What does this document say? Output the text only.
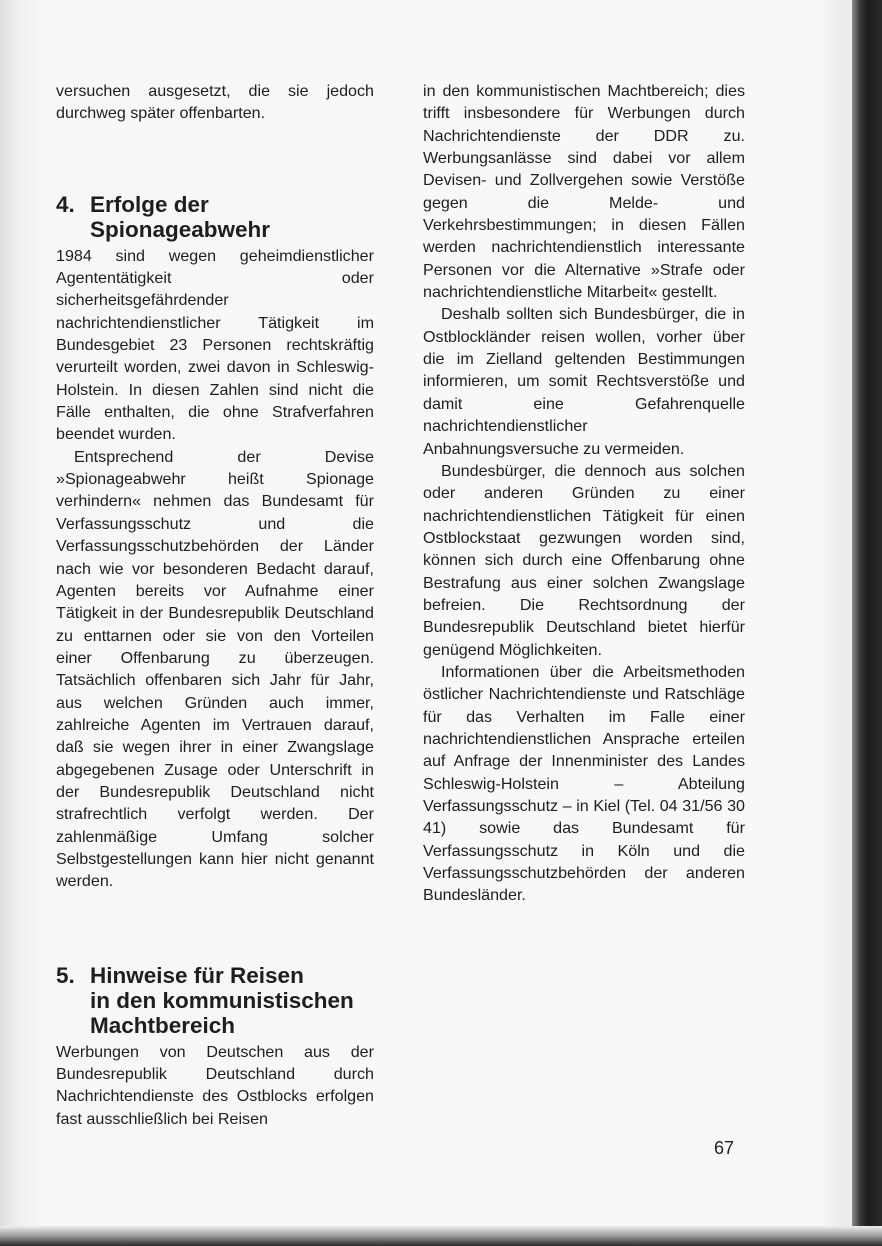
versuchen ausgesetzt, die sie jedoch durchweg später offenbarten.

4. Erfolge der
Spionageabwehr

1984 sind wegen geheimdienstlicher Agententätigkeit oder sicherheitsgefährdender nachrichtendienstlicher Tätigkeit im Bundesgebiet 23 Personen rechtskräftig verurteilt worden, zwei davon in Schleswig-Holstein. In diesen Zahlen sind nicht die Fälle enthalten, die ohne Strafverfahren beendet wurden.

Entsprechend der Devise »Spionageabwehr heißt Spionage verhindern« nehmen das Bundesamt für Verfassungsschutz und die Verfassungsschutzbehörden der Länder nach wie vor besonderen Bedacht darauf, Agenten bereits vor Aufnahme einer Tätigkeit in der Bundesrepublik Deutschland zu enttarnen oder sie von den Vorteilen einer Offenbarung zu überzeugen. Tatsächlich offenbaren sich Jahr für Jahr, aus welchen Gründen auch immer, zahlreiche Agenten im Vertrauen darauf, daß sie wegen ihrer in einer Zwangslage abgegebenen Zusage oder Unterschrift in der Bundesrepublik Deutschland nicht strafrechtlich verfolgt werden. Der zahlenmäßige Umfang solcher Selbstgestellungen kann hier nicht genannt werden.

5. Hinweise für Reisen
in den kommunistischen
Machtbereich

Werbungen von Deutschen aus der Bundesrepublik Deutschland durch Nachrichtendienste des Ostblocks erfolgen fast ausschließlich bei Reisen

in den kommunistischen Machtbereich; dies trifft insbesondere für Werbungen durch Nachrichtendienste der DDR zu. Werbungsanlässe sind dabei vor allem Devisen- und Zollvergehen sowie Verstöße gegen die Melde- und Verkehrsbestimmungen; in diesen Fällen werden nachrichtendienstlich interessante Personen vor die Alternative »Strafe oder nachrichtendienstliche Mitarbeit« gestellt.

Deshalb sollten sich Bundesbürger, die in Ostblockländer reisen wollen, vorher über die im Zielland geltenden Bestimmungen informieren, um somit Rechtsverstöße und damit eine Gefahrenquelle nachrichtendienstlicher Anbahnungsversuche zu vermeiden.

Bundesbürger, die dennoch aus solchen oder anderen Gründen zu einer nachrichtendienstlichen Tätigkeit für einen Ostblockstaat gezwungen worden sind, können sich durch eine Offenbarung ohne Bestrafung aus einer solchen Zwangslage befreien. Die Rechtsordnung der Bundesrepublik Deutschland bietet hierfür genügend Möglichkeiten.

Informationen über die Arbeitsmethoden östlicher Nachrichtendienste und Ratschläge für das Verhalten im Falle einer nachrichtendienstlichen Ansprache erteilen auf Anfrage der Innenminister des Landes Schleswig-Holstein – Abteilung Verfassungsschutz – in Kiel (Tel. 04 31/56 30 41) sowie das Bundesamt für Verfassungsschutz in Köln und die Verfassungsschutzbehörden der anderen Bundesländer.

67
